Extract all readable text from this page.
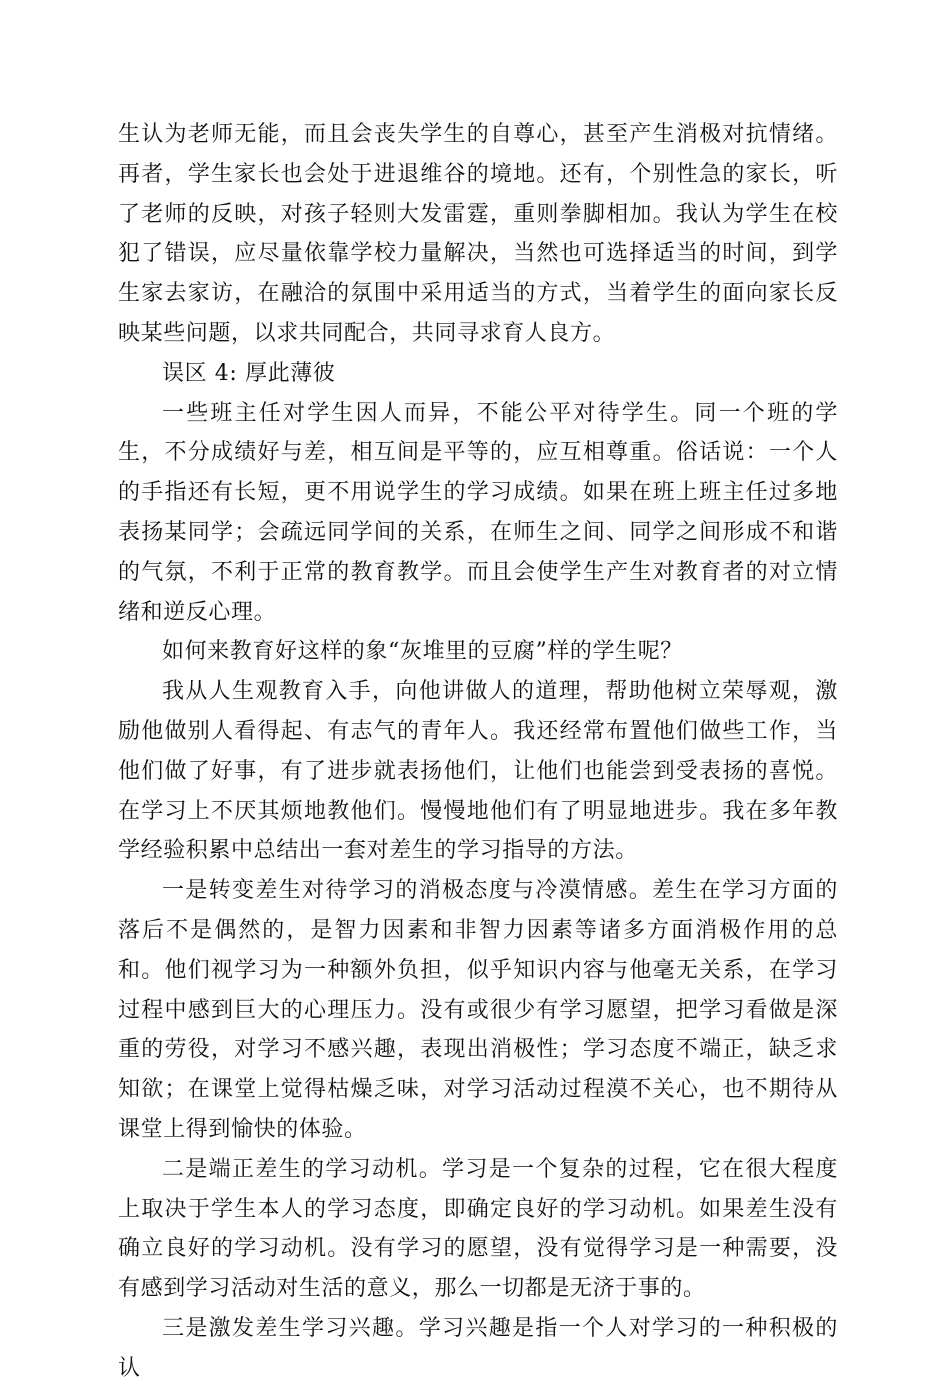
生认为老师无能，而且会丧失学生的自尊心，甚至产生消极对抗情绪。再者，学生家长也会处于进退维谷的境地。还有，个别性急的家长，听了老师的反映，对孩子轻则大发雷霆，重则拳脚相加。我认为学生在校犯了错误，应尽量依靠学校力量解决，当然也可选择适当的时间，到学生家去家访，在融洽的氛围中采用适当的方式，当着学生的面向家长反映某些问题，以求共同配合，共同寻求育人良方。

误区 4: 厚此薄彼

一些班主任对学生因人而异，不能公平对待学生。同一个班的学生，不分成绩好与差，相互间是平等的，应互相尊重。俗话说：一个人的手指还有长短，更不用说学生的学习成绩。如果在班上班主任过多地表扬某同学；会疏远同学间的关系，在师生之间、同学之间形成不和谐的气氛，不利于正常的教育教学。而且会使学生产生对教育者的对立情绪和逆反心理。

如何来教育好这样的象“灰堆里的豆腐”样的学生呢？

我从人生观教育入手，向他讲做人的道理，帮助他树立荣辱观，激励他做别人看得起、有志气的青年人。我还经常布置他们做些工作，当他们做了好事，有了进步就表扬他们，让他们也能尝到受表扬的喜悦。在学习上不厌其烦地教他们。慢慢地他们有了明显地进步。我在多年教学经验积累中总结出一套对差生的学习指导的方法。

一是转变差生对待学习的消极态度与冷漠情感。差生在学习方面的落后不是偶然的，是智力因素和非智力因素等诸多方面消极作用的总和。他们视学习为一种额外负担，似乎知识内容与他毫无关系，在学习过程中感到巨大的心理压力。没有或很少有学习愿望，把学习看做是深重的劳役，对学习不感兴趣，表现出消极性；学习态度不端正，缺乏求知欲；在课堂上觉得枯燥乏味，对学习活动过程漠不关心，也不期待从课堂上得到愉快的体验。

二是端正差生的学习动机。学习是一个复杂的过程，它在很大程度上取决于学生本人的学习态度，即确定良好的学习动机。如果差生没有确立良好的学习动机。没有学习的愿望，没有觉得学习是一种需要，没有感到学习活动对生活的意义，那么一切都是无济于事的。

三是激发差生学习兴趣。学习兴趣是指一个人对学习的一种积极的认
